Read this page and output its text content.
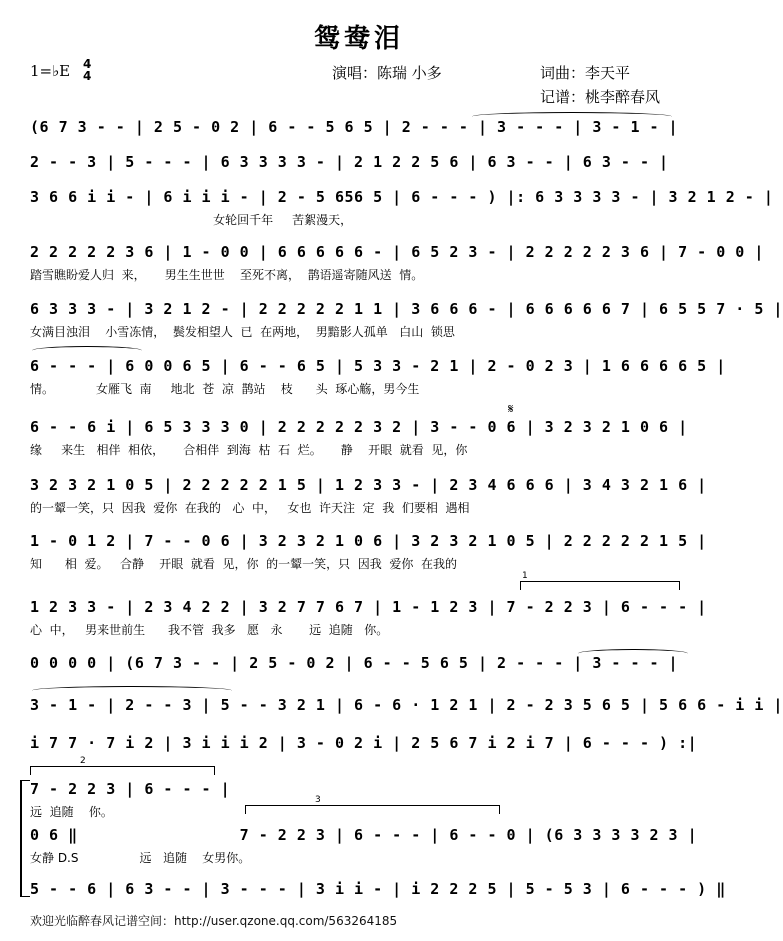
鸳鸯泪
1=♭E 4
4	演唱：陈瑞 小多	词曲：李天平
记谱：桃李醉春风
(6 7 3 - - | 2 5 - 0 2 | 6 - - 5 6 5 | 2 - - - | 3 - - - | 3 - 1 - |
2 - - 3 | 5 - - - | 6 3 3 3 3 - | 2 1 2 2 5 6 | 6 3 - - | 6 3 - - |
3 6 6 i i - | 6 i i i - | 2 - 5 656 5 | 6 - - - ) |: 6 3 3 3 3 - | 3 2 1 2 - |
女轮回千年     苦絮漫天，
2 2 2 2 2 3 6 | 1 - 0 0 | 6 6 6 6 6 - | 6 5 2 3 - | 2 2 2 2 2 3 6 | 7 - 0 0 |
踏雪瞧盼爱人归  来，     男生生世世    至死不离，  鹊语遥寄随风送  情。
6 3 3 3 - | 3 2 1 2 - | 2 2 2 2 2 1 1 | 3 6 6 6 - | 6 6 6 6 6 7 | 6 5 5 7 · 5 |
女满目浊泪    小雪冻情，  鬓发相望人  已  在两地，  男黯影人孤单   白山  锁思
6 - - - | 6 0 0 6 5 | 6 - - 6 5 | 5 3 3 - 2 1 | 2 - 0 2 3 | 1 6 6 6 6 5 |
情。           女雁飞  南     地北  苍  凉  鹊站    枝      头  琢心觞，男今生
6 - - 6 i | 6 5 3 3 3 0 | 2 2 2 2 2 3 2 | 3 - - 0 6 | 3 2 3 2 1 0 6 |
缘     来生   相伴  相依，     合相伴  到海  枯  石  烂。     静    开眼  就看  见，你
𝄋
3 2 3 2 1 0 5 | 2 2 2 2 2 1 5 | 1 2 3 3 - | 2 3 4 6 6 6 | 3 4 3 2 1 6 |
的一颦一笑，只  因我  爱你  在我的   心  中，   女也  许天注  定  我  们要相  遇相
1 - 0 1 2 | 7 - - 0 6 | 3 2 3 2 1 0 6 | 3 2 3 2 1 0 5 | 2 2 2 2 2 1 5 |
知      相  爱。   合静    开眼  就看  见，你  的一颦一笑，只  因我  爱你  在我的
1
1 2 3 3 - | 2 3 4 2 2 | 3 2 7 7 6 7 | 1 - 1 2 3 | 7 - 2 2 3 | 6 - - - |
心  中，   男来世前生      我不管  我多   愿   永       远  追随   你。
0 0 0 0 | (6 7 3 - - | 2 5 - 0 2 | 6 - - 5 6 5 | 2 - - - | 3 - - - |
3 - 1 - | 2 - - 3 | 5 - - 3 2 1 | 6 - 6 · 1 2 1 | 2 - 2 3 5 6 5 | 5 6 6 - i i |
i 7 7 · 7 i 2 | 3 i i i 2 | 3 - 0 2 i | 2 5 6 7 i 2 i 7 | 6 - - - ) :|
2
7 - 2 2 3 | 6 - - - |
远  追随    你。
3
0 6 ‖                 7 - 2 2 3 | 6 - - - | 6 - - 0 | (6 3 3 3 3 2 3 |
女静 D.S                远   追随    女男你。
5 - - 6 | 6 3 - - | 3 - - - | 3 i i - | i 2 2 2 5 | 5 - 5 3 | 6 - - - ) ‖
欢迎光临醉春风记谱空间：http://user.qzone.qq.com/563264185
